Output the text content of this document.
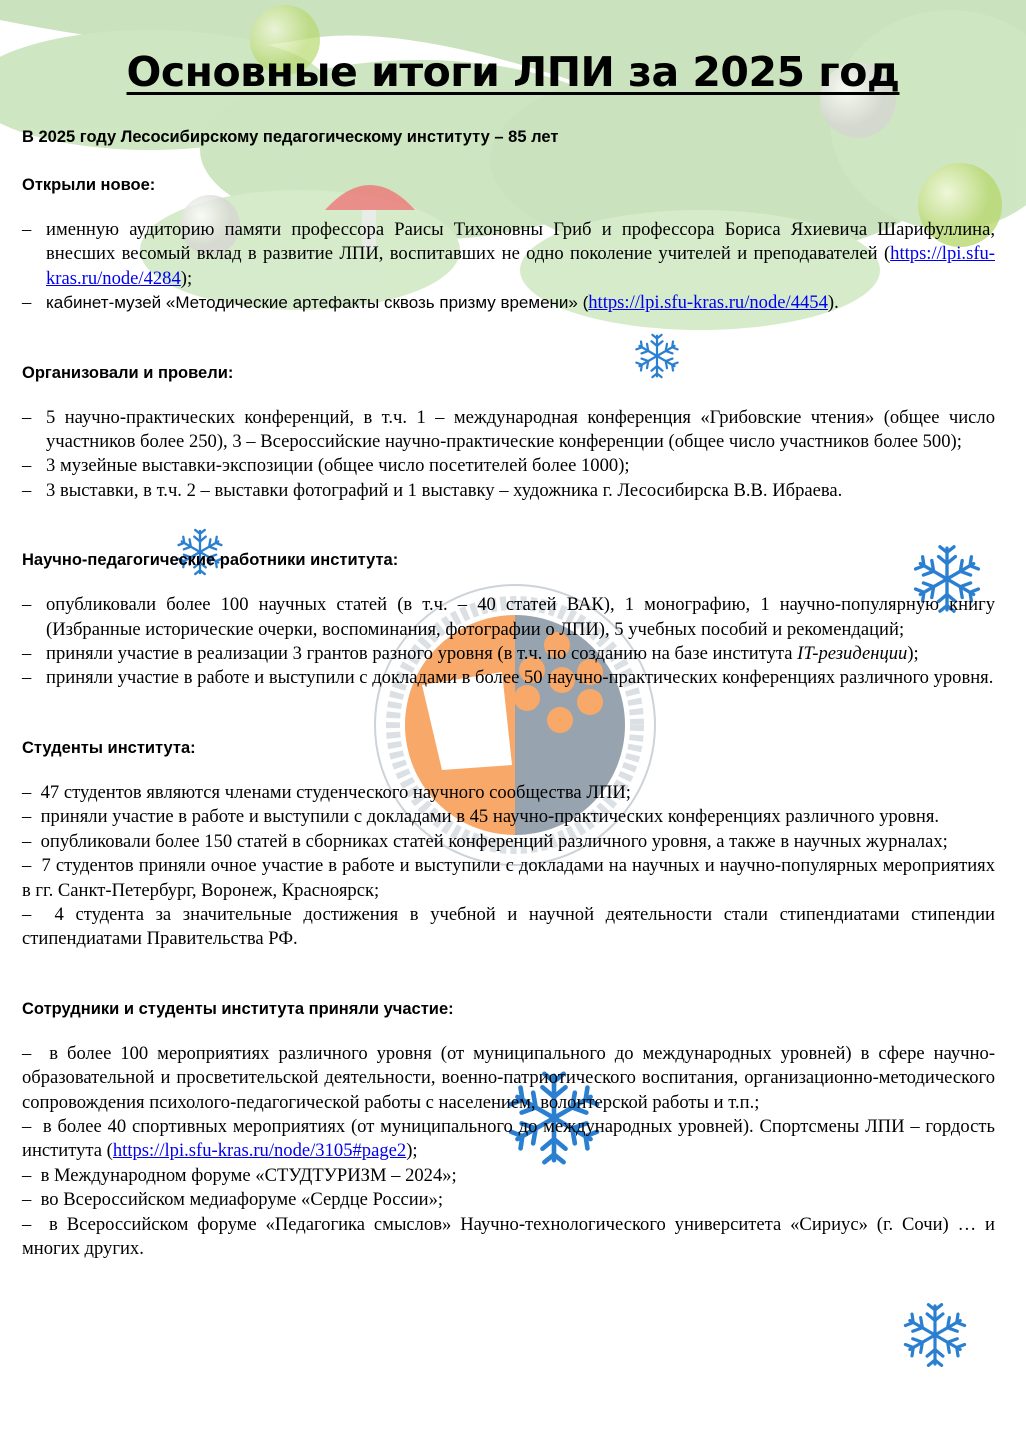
Основные итоги ЛПИ за 2025 год
В 2025 году Лесосибирскому педагогическому институту – 85 лет
Открыли новое:
– именную аудиторию памяти профессора Раисы Тихоновны Гриб и профессора Бориса Яхиевича Шарифуллина, внесших весомый вклад в развитие ЛПИ, воспитавших не одно поколение учителей и преподавателей (https://lpi.sfu-kras.ru/node/4284);
– кабинет-музей «Методические артефакты сквозь призму времени» (https://lpi.sfu-kras.ru/node/4454).
Организовали и провели:
– 5 научно-практических конференций, в т.ч. 1 – международная конференция «Грибовские чтения» (общее число участников более 250), 3 – Всероссийские научно-практические конференции (общее число участников более 500);
– 3 музейные выставки-экспозиции (общее число посетителей более 1000);
– 3 выставки, в т.ч. 2 – выставки фотографий и 1 выставку – художника г. Лесосибирска В.В. Ибраева.
Научно-педагогические работники института:
– опубликовали более 100 научных статей (в т.ч. – 40 статей ВАК), 1 монографию, 1 научно-популярную книгу (Избранные исторические очерки, воспоминания, фотографии о ЛПИ), 5 учебных пособий и рекомендаций;
– приняли участие в реализации 3 грантов разного уровня (в т.ч. по созданию на базе института IT-резиденции);
– приняли участие в работе и выступили с докладами в более 50 научно-практических конференциях различного уровня.
Студенты института:
– 47 студентов являются членами студенческого научного сообщества ЛПИ;
– приняли участие в работе и выступили с докладами в 45 научно-практических конференциях различного уровня.
– опубликовали более 150 статей в сборниках статей конференций различного уровня, а также в научных журналах;
– 7 студентов приняли очное участие в работе и выступили с докладами на научных и научно-популярных мероприятиях в гг. Санкт-Петербург, Воронеж, Красноярск;
– 4 студента за значительные достижения в учебной и научной деятельности стали стипендиатами стипендии стипендиатами Правительства РФ.
Сотрудники и студенты института приняли участие:
– в более 100 мероприятиях различного уровня (от муниципального до международных уровней) в сфере научно-образовательной и просветительской деятельности, военно-патриотического воспитания, организационно-методического сопровождения психолого-педагогической работы с населением, волонтерской работы и т.п.;
– в более 40 спортивных мероприятиях (от муниципального до международных уровней). Спортсмены ЛПИ – гордость института (https://lpi.sfu-kras.ru/node/3105#page2);
– в Международном форуме «СТУДТУРИЗМ – 2024»;
– во Всероссийском медиафоруме «Сердце России»;
– в Всероссийском форуме «Педагогика смыслов» Научно-технологического университета «Сириус» (г. Сочи) … и многих других.
